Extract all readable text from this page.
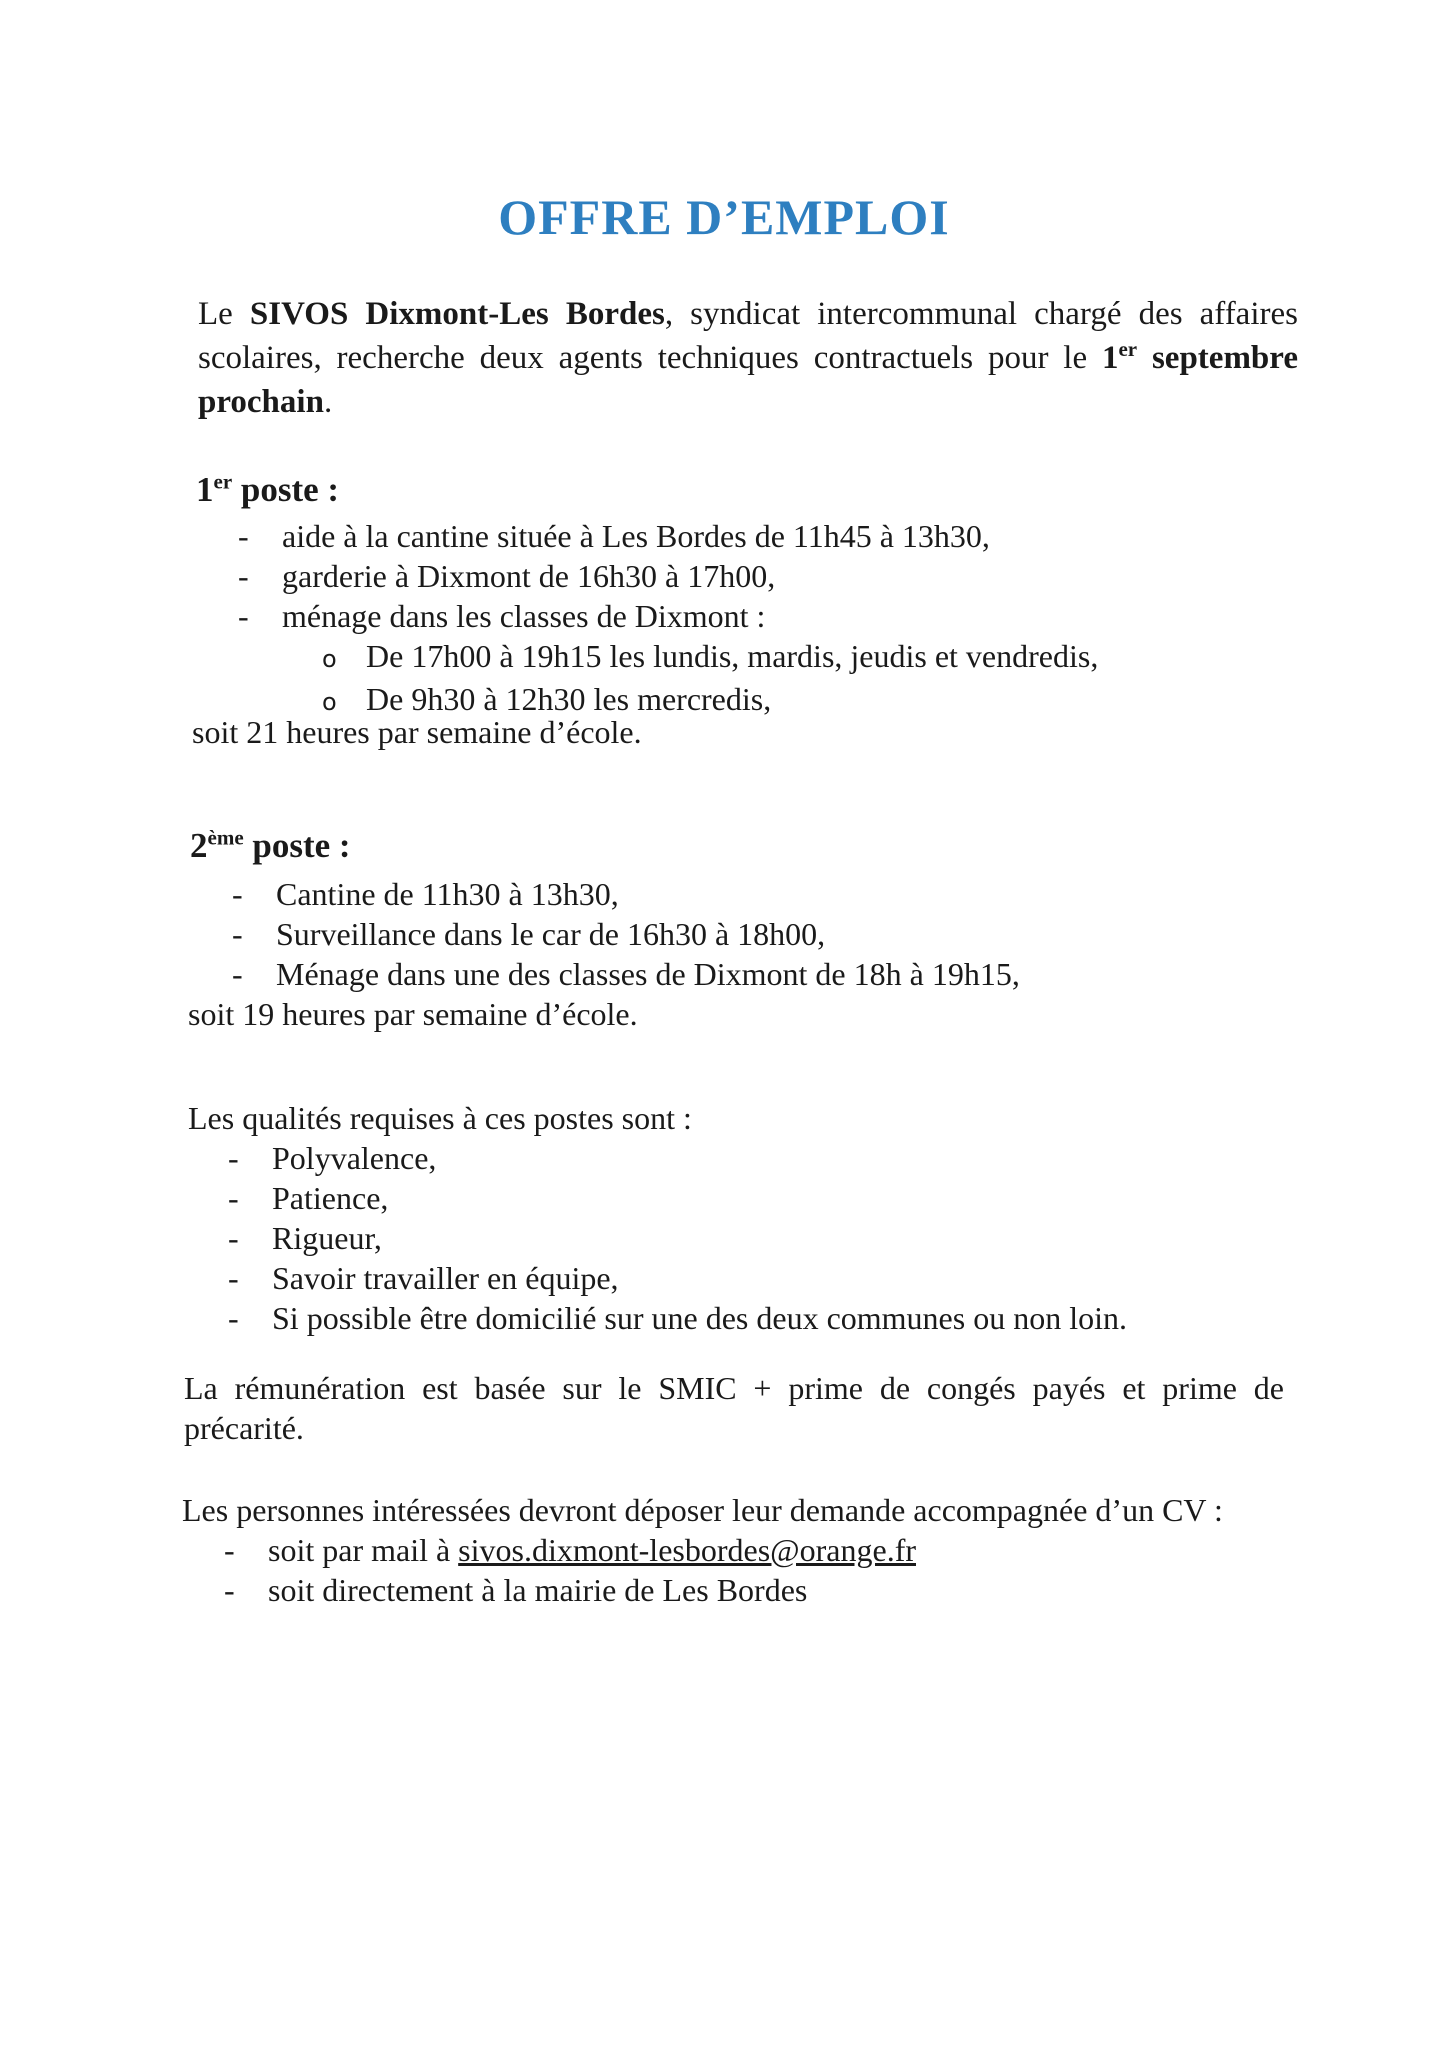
OFFRE D’EMPLOI
Le SIVOS Dixmont-Les Bordes, syndicat intercommunal chargé des affaires scolaires, recherche deux agents techniques contractuels pour le 1er septembre prochain.
1er poste :
- aide à la cantine située à Les Bordes de 11h45 à 13h30,
- garderie à Dixmont de 16h30 à 17h00,
- ménage dans les classes de Dixmont :
o De 17h00 à 19h15 les lundis, mardis, jeudis et vendredis,
o De 9h30 à 12h30 les mercredis,
soit 21 heures par semaine d’école.
2ème poste :
- Cantine de 11h30 à 13h30,
- Surveillance dans le car de 16h30 à 18h00,
- Ménage dans une des classes de Dixmont de 18h à 19h15,
soit 19 heures par semaine d’école.
Les qualités requises à ces postes sont :
- Polyvalence,
- Patience,
- Rigueur,
- Savoir travailler en équipe,
- Si possible être domicilié sur une des deux communes ou non loin.
La rémunération est basée sur le SMIC + prime de congés payés et prime de précarité.
Les personnes intéressées devront déposer leur demande accompagnée d’un CV :
- soit par mail à sivos.dixmont-lesbordes@orange.fr
- soit directement à la mairie de Les Bordes
